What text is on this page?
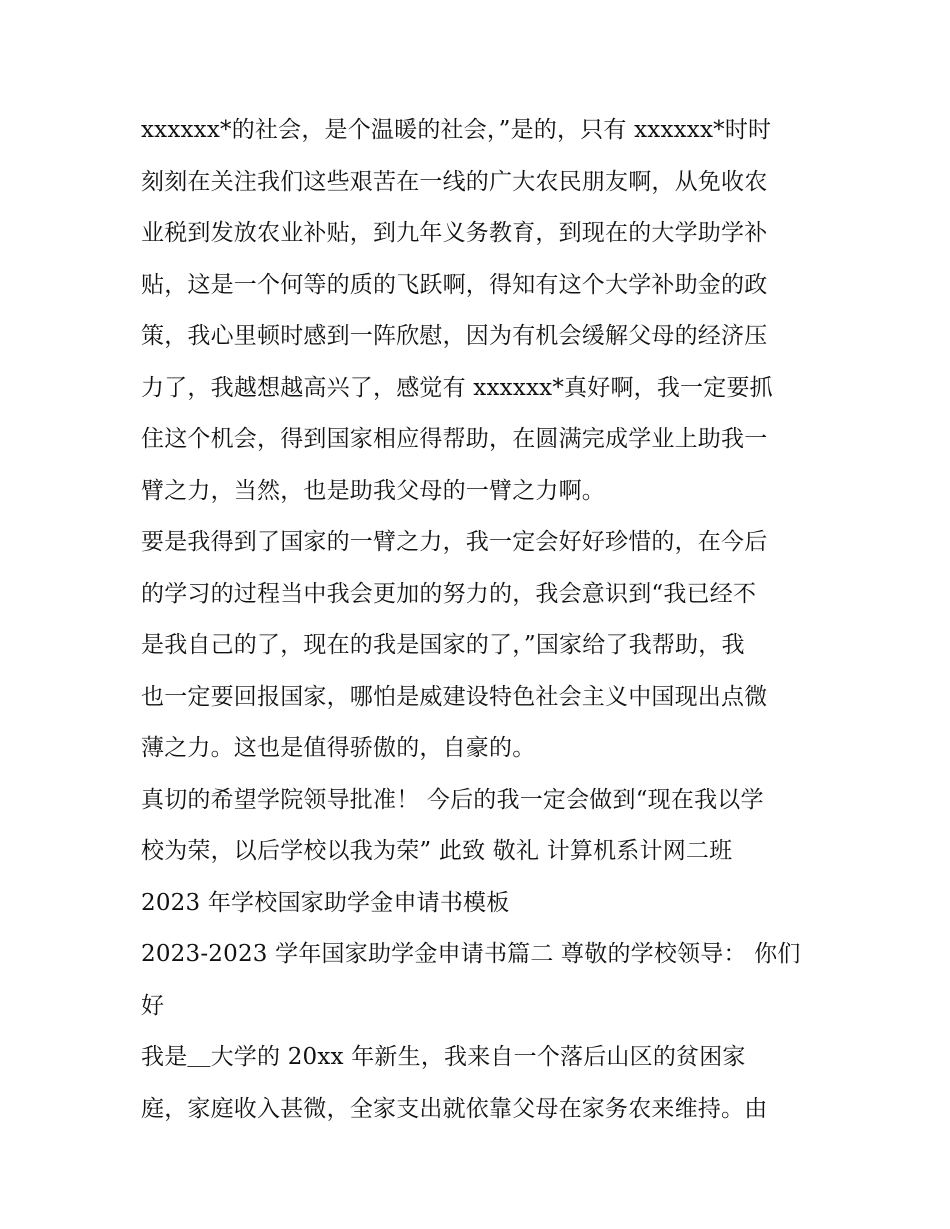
xxxxxx*的社会，是个温暖的社会，”是的，只有 xxxxxx*时时
刻刻在关注我们这些艰苦在一线的广大农民朋友啊，从免收农
业税到发放农业补贴，到九年义务教育，到现在的大学助学补
贴，这是一个何等的质的飞跃啊，得知有这个大学补助金的政
策，我心里顿时感到一阵欣慰，因为有机会缓解父母的经济压
力了，我越想越高兴了，感觉有 xxxxxx*真好啊，我一定要抓
住这个机会，得到国家相应得帮助，在圆满完成学业上助我一
臂之力，当然，也是助我父母的一臂之力啊。
要是我得到了国家的一臂之力，我一定会好好珍惜的，在今后
的学习的过程当中我会更加的努力的，我会意识到“我已经不
是我自己的了，现在的我是国家的了，”国家给了我帮助，我
也一定要回报国家，哪怕是威建设特色社会主义中国现出点微
薄之力。这也是值得骄傲的，自豪的。
真切的希望学院领导批准！ 今后的我一定会做到“现在我以学
校为荣，以后学校以我为荣” 此致 敬礼 计算机系计网二班
2023 年学校国家助学金申请书模板
2023-2023 学年国家助学金申请书篇二 尊敬的学校领导： 你们
好
我是＿大学的 20xx 年新生，我来自一个落后山区的贫困家
庭，家庭收入甚微，全家支出就依靠父母在家务农来维持。由
